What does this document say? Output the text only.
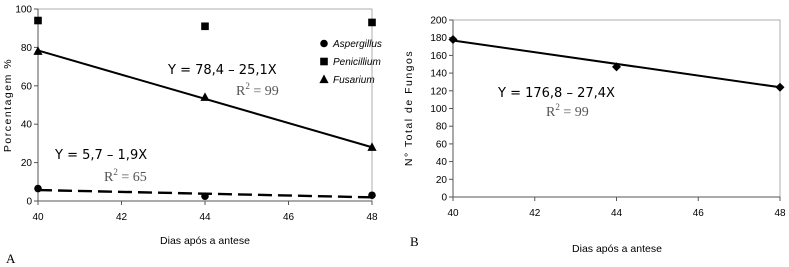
0
20
40
60
80
100
40	42	44	46	48
Dias após a antese
Porcentagem %
A
Y = 5,7 – 1,9X
$R^2 = 65$
Y = 78,4 – 25,1X
$R^2 = 99$
Aspergillus
Penicillium
Fusarium
0
20
40
60
80
100
120
140
160
180
200
40	42	44	46	48
Dias após a antese
N° Total de Fungos
B
Y = 176,8 – 27,4X
$R^2 = 99$
